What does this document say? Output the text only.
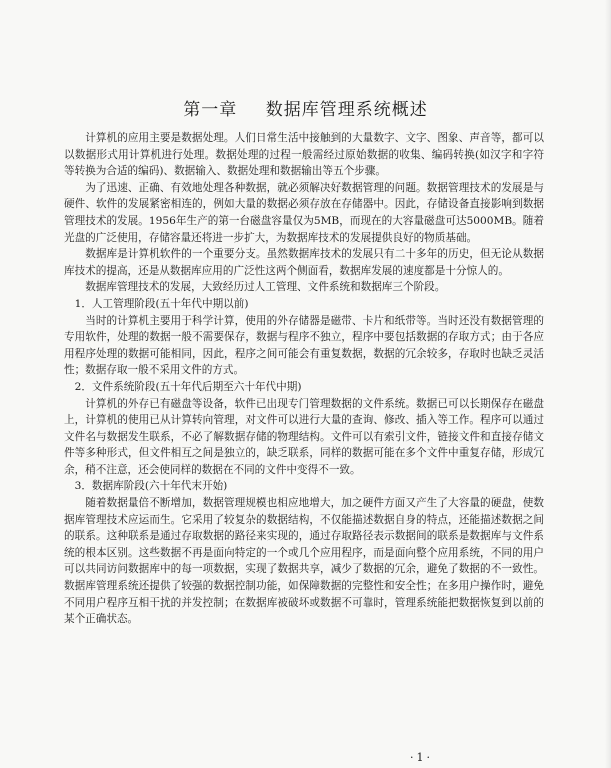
第一章 数据库管理系统概述

计算机的应用主要是数据处理。人们日常生活中接触到的大量数字、文字、图象、声音等，都可以以数据形式用计算机进行处理。数据处理的过程一般需经过原始数据的收集、编码转换(如汉字和字符等转换为合适的编码)、数据输入、数据处理和数据输出等五个步骤。

为了迅速、正确、有效地处理各种数据，就必须解决好数据管理的问题。数据管理技术的发展是与硬件、软件的发展紧密相连的，例如大量的数据必须存放在存储器中。因此，存储设备直接影响到数据管理技术的发展。1956年生产的第一台磁盘容量仅为5MB，而现在的大容量磁盘可达5000MB。随着光盘的广泛使用，存储容量还将进一步扩大，为数据库技术的发展提供良好的物质基础。

数据库是计算机软件的一个重要分支。虽然数据库技术的发展只有二十多年的历史，但无论从数据库技术的提高，还是从数据库应用的广泛性这两个侧面看，数据库发展的速度都是十分惊人的。

数据库管理技术的发展，大致经历过人工管理、文件系统和数据库三个阶段。

1．人工管理阶段(五十年代中期以前)

当时的计算机主要用于科学计算，使用的外存储器是磁带、卡片和纸带等。当时还没有数据管理的专用软件，处理的数据一般不需要保存，数据与程序不独立，程序中要包括数据的存取方式；由于各应用程序处理的数据可能相同，因此，程序之间可能会有重复数据，数据的冗余较多，存取时也缺乏灵活性；数据存取一般不采用文件的方式。

2．文件系统阶段(五十年代后期至六十年代中期)

计算机的外存已有磁盘等设备，软件已出现专门管理数据的文件系统。数据已可以长期保存在磁盘上，计算机的使用已从计算转向管理，对文件可以进行大量的查询、修改、插入等工作。程序可以通过文件名与数据发生联系，不必了解数据存储的物理结构。文件可以有索引文件，链接文件和直接存储文件等多种形式，但文件相互之间是独立的，缺乏联系，同样的数据可能在多个文件中重复存储，形成冗余，稍不注意，还会使同样的数据在不同的文件中变得不一致。

3．数据库阶段(六十年代末开始)

随着数据量倍不断增加，数据管理规模也相应地增大，加之硬件方面又产生了大容量的硬盘，使数据库管理技术应运而生。它采用了较复杂的数据结构，不仅能描述数据自身的特点，还能描述数据之间的联系。这种联系是通过存取数据的路径来实现的，通过存取路径表示数据间的联系是数据库与文件系统的根本区别。这些数据不再是面向特定的一个或几个应用程序，而是面向整个应用系统，不同的用户可以共同访问数据库中的每一项数据，实现了数据共享，减少了数据的冗余，避免了数据的不一致性。数据库管理系统还提供了较强的数据控制功能，如保障数据的完整性和安全性；在多用户操作时，避免不同用户程序互相干扰的并发控制；在数据库被破坏或数据不可靠时，管理系统能把数据恢复到以前的某个正确状态。

·1·
